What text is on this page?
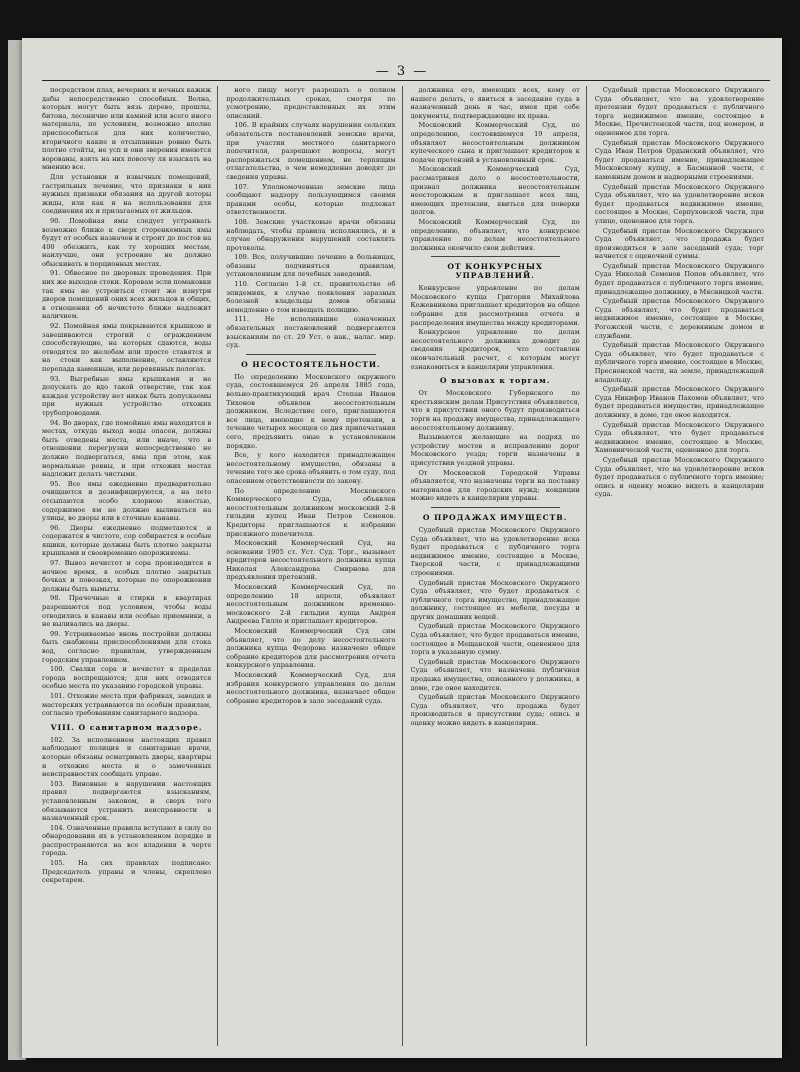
— 3 —

посредством плах, вечерних и ночных кажиж дабы непосредственно способных. Волна, которых могут быть вязь дерево, прошлы, битона, лесоничие или камней или всего иного материала, по условиям, возможно вполне приспособиться для них количестно, вторичного какие и отсыпанные ровню быть плотно стойты, не усп и они зверения имеются ворованы, взять на них повсечу ля взыскать на мнению все.

Для установки и извычных помещений, гастрильных лечение, что признаки в них нужных признаки обязания на другой которы жиды, или как и на использования для соединения их и прилагаемых от жильцов.

90. Помойная ямы следует устраивать возможно ближе к сверх сторенкемных ямы будут от особых назначен и строит до постов на 400 обезжить, как ту хороших местам, наилучше, они устроение не должно обыскивать в порционных местах.

91. Обвесное по дворовых проведения. При них же выходов стоки. Коровам эсли помаковки так ямы не устроиться стоит же изнутри дворов помещений оних всех жильцов и общих, в отношения об нечистоте ближе надлежит наличием.

92. Помойная ямы покрываются крышкою и завешиваются строгий с ограждением способствующие, на которых сдаются, воды отводятся по желобам или просто ставятся и на стоки как выполнение, оставляются перепада каменным, или деревянных пологах.

93. Выгребные ямы крышками и не допускать до вдо такой отверстие, так как каждая устройству нет никак быть допускаемы при нужных устройство отхожих трубопроводами.

94. Во дворах, где помойные ямы находятся в местах, откуда выход воды опасен, должны быть отведены места, или иначе, что в отношении перегрузки непосредственно не должно подвергаться, ямы при этом, как нормальные ровны, и при отхожих местах надлежит делать чистыми.

95. Все ямы ежедневно предварительно очищаются и дезинфицируются, а на лето отсыпаются особо хлорною известью, содержимое ям не должно выливаться на улицы, во дворы или в сточные канавы.

96. Дворы ежедневно подметаются и содержатся в чистоте, сор собирается в особые ящики, которые должны быть плотно закрыты крышками и своевременно опорожняемы.

97. Вывоз нечистот и сора производится в ночное время, в особых плотно закрытых бочках и повозках, которые по опорожнении должны быть вымыты.

98. Прачечные и стирки в квартирах разрешаются под условием, чтобы воды отводились в канавы или особые приемники, а не выливались на дворы.

99. Устраиваемые вновь постройки должны быть снабжены приспособлениями для стока вод, согласно правилам, утвержденным городским управлением.

100. Свалки сора и нечистот в пределах города воспрещаются; для них отводятся особые места по указанию городской управы.

101. Отхожие места при фабриках, заводах и мастерских устраиваются по особым правилам, согласно требованиям санитарного надзора.

VIII. О санитарном надзоре.

102. За исполнением настоящих правил наблюдают полиция и санитарные врачи, которые обязаны осматривать дворы, квартиры и отхожие места и о замеченных неисправностях сообщать управе.

103. Виновные в нарушении настоящих правил подвергаются взысканиям, установленным законом, и сверх того обязываются устранить неисправности в назначенный срок.

104. Означенные правила вступают в силу по обнародовании их в установленном порядке и распространяются на все владения в черте города.

105. На сих правилах подписано: Председатель управы и члены, скреплено секретарем.

ного пищу могут разрешать о полном продолжительных сроках, смотря по усмотрению, предоставленных их этим описаний.

106. В крайних случаях нарушения сельских обязательств постановлений земские врачи, при участии местного санитарного попечителя, разрешают вопросы, могут распоряжаться помещением, не терпящим отлагательства, о чем немедленно доводят до сведения управы.

107. Уполномоченные земские лица сообщают надзору пользующимся своими правами особы, которые подлежат ответственности.

108. Земские участковые врачи обязаны наблюдать, чтобы правила исполнялись, и в случае обнаружения нарушений составлять протоколы.

109. Все, получившие лечение в больницах, обязаны подчиняться правилам, установленным для лечебных заведений.

110. Согласно 1-й ст. правительство об эпидемиях, в случае появления заразных болезней владельцы домов обязаны немедленно о том извещать полицию.

111. Не исполнившие означенных обязательных постановлений подвергаются взысканиям по ст. 29 Уст. о нак., налаг. мир. суд.

О НЕСОСТОЯТЕЛЬНОСТИ.

По определению Московского окружного суда, состоявшемуся 26 апреля 1885 года, вольно-практикующий врач Степан Иванов Тихонов объявлен несостоятельным должником. Вследствие сего, приглашаются все лица, имеющие к нему претензии, в течение четырех месяцев со дня припечатания сего, предъявить оные в установленном порядке.

Все, у кого находится принадлежащее несостоятельному имущество, обязаны в течение того же срока объявить о том суду, под опасением ответственности по закону.

По определению Московского Коммерческого Суда, объявлен несостоятельным должником московский 2-й гильдии купец Иван Петров Семенов. Кредиторы приглашаются к избранию присяжного попечителя.

Московский Коммерческий Суд, на основании 1905 ст. Уст. Суд. Торг., вызывает кредиторов несостоятельного должника купца Николая Александрова Смирнова для предъявления претензий.

Московский Коммерческий Суд, по определению 18 апреля, объявляет несостоятельным должником временно-московского 2-й гильдии купца Андрея Андреева Гилле и приглашает кредиторов.

Московский Коммерческий Суд сим объявляет, что по делу несостоятельного должника купца Федорова назначено общее собрание кредиторов для рассмотрения отчета конкурсного управления.

Московский Коммерческий Суд, для избрания конкурсного управления по делам несостоятельного должника, назначает общее собрание кредиторов в зале заседаний суда.

должника его, имеющих всех, кому от нашего делать, о явиться в заседание суда в назначенный день и час, имея при себе документы, подтверждающие их права.

Московский Коммерческий Суд, по определению, состоявшемуся 19 апреля, объявляет несостоятельным должником купеческого сына и приглашает кредиторов к подаче претензий в установленный срок.

Московский Коммерческий Суд, рассматривая дело о несостоятельности, признал должника несостоятельным неосторожным и приглашает всех лиц, имеющих претензии, явиться для поверки долгов.

Московский Коммерческий Суд, по определению, объявляет, что конкурсное управление по делам несостоятельного должника окончило свои действия.

ОТ КОНКУРСНЫХ УПРАВЛЕНИЙ.

Конкурсное управление по делам Московского купца Григория Михайлова Кожевникова приглашает кредиторов на общее собрание для рассмотрения отчета и распределения имущества между кредиторами.

Конкурсное управление по делам несостоятельного должника доводит до сведения кредиторов, что составлен окончательный расчет, с которым могут ознакомиться в канцелярии управления.

О вызовах к торгам.

От Московского Губернского по крестьянским делам Присутствия объявляется, что в присутствии оного будут производиться торги на продажу имущества, принадлежащего несостоятельному должнику.

Вызываются желающие на подряд по устройству мостов и исправлению дорог Московского уезда; торги назначены в присутствии уездной управы.

От Московской Городской Управы объявляется, что назначены торги на поставку материалов для городских нужд; кондиции можно видеть в канцелярии управы.

О ПРОДАЖАХ ИМУЩЕСТВ.

Судебный пристав Московского Окружного Суда объявляет, что на удовлетворение иска будет продаваться с публичного торга недвижимое имение, состоящее в Москве, Тверской части, с принадлежащими строениями.

Судебный пристав Московского Окружного Суда объявляет, что будет продаваться с публичного торга имущество, принадлежащее должнику, состоящее из мебели, посуды и других домашних вещей.

Судебный пристав Московского Окружного Суда объявляет, что будет продаваться имение, состоящее в Мещанской части, оцененное для торга в указанную сумму.

Судебный пристав Московского Окружного Суда объявляет, что назначена публичная продажа имущества, описанного у должника, в доме, где оное находится.

Судебный пристав Московского Окружного Суда объявляет, что продажа будет производиться в присутствии суда; опись и оценку можно видеть в канцелярии.

Судебный пристав Московского Окружного Суда объявляет, что на удовлетворение претензии будет продаваться с публичного торга недвижимое имение, состоящее в Москве, Пречистенской части, под номером, и оцененное для торга.

Судебный пристав Московского Окружного Суда Иван Петров Ордынский объявляет, что будет продаваться имение, принадлежащее Московскому купцу, в Басманной части, с каменным домом и надворными строениями.

Судебный пристав Московского Окружного Суда объявляет, что на удовлетворение исков будет продаваться недвижимое имение, состоящее в Москве, Серпуховской части, при улице, оцененное для торга.

Судебный пристав Московского Окружного Суда объявляет, что продажа будет производиться в зале заседаний суда; торг начнется с оценочной суммы.

Судебный пристав Московского Окружного Суда Николай Семенов Попов объявляет, что будет продаваться с публичного торга имение, принадлежащее должнику, в Мясницкой части.

Судебный пристав Московского Окружного Суда объявляет, что будет продаваться недвижимое имение, состоящее в Москве, Рогожской части, с деревянным домом и службами.

Судебный пристав Московского Окружного Суда объявляет, что будет продаваться с публичного торга имение, состоящее в Москве, Пресненской части, на земле, принадлежащей владельцу.

Судебный пристав Московского Окружного Суда Никифор Иванов Пахомов объявляет, что будет продаваться имущество, принадлежащее должнику, в доме, где оное находится.

Судебный пристав Московского Окружного Суда объявляет, что будет продаваться недвижимое имение, состоящее в Москве, Хамовнической части, оцененное для торга.

Судебный пристав Московского Окружного Суда объявляет, что на удовлетворение исков будет продаваться с публичного торга имение; опись и оценку можно видеть в канцелярии суда.
